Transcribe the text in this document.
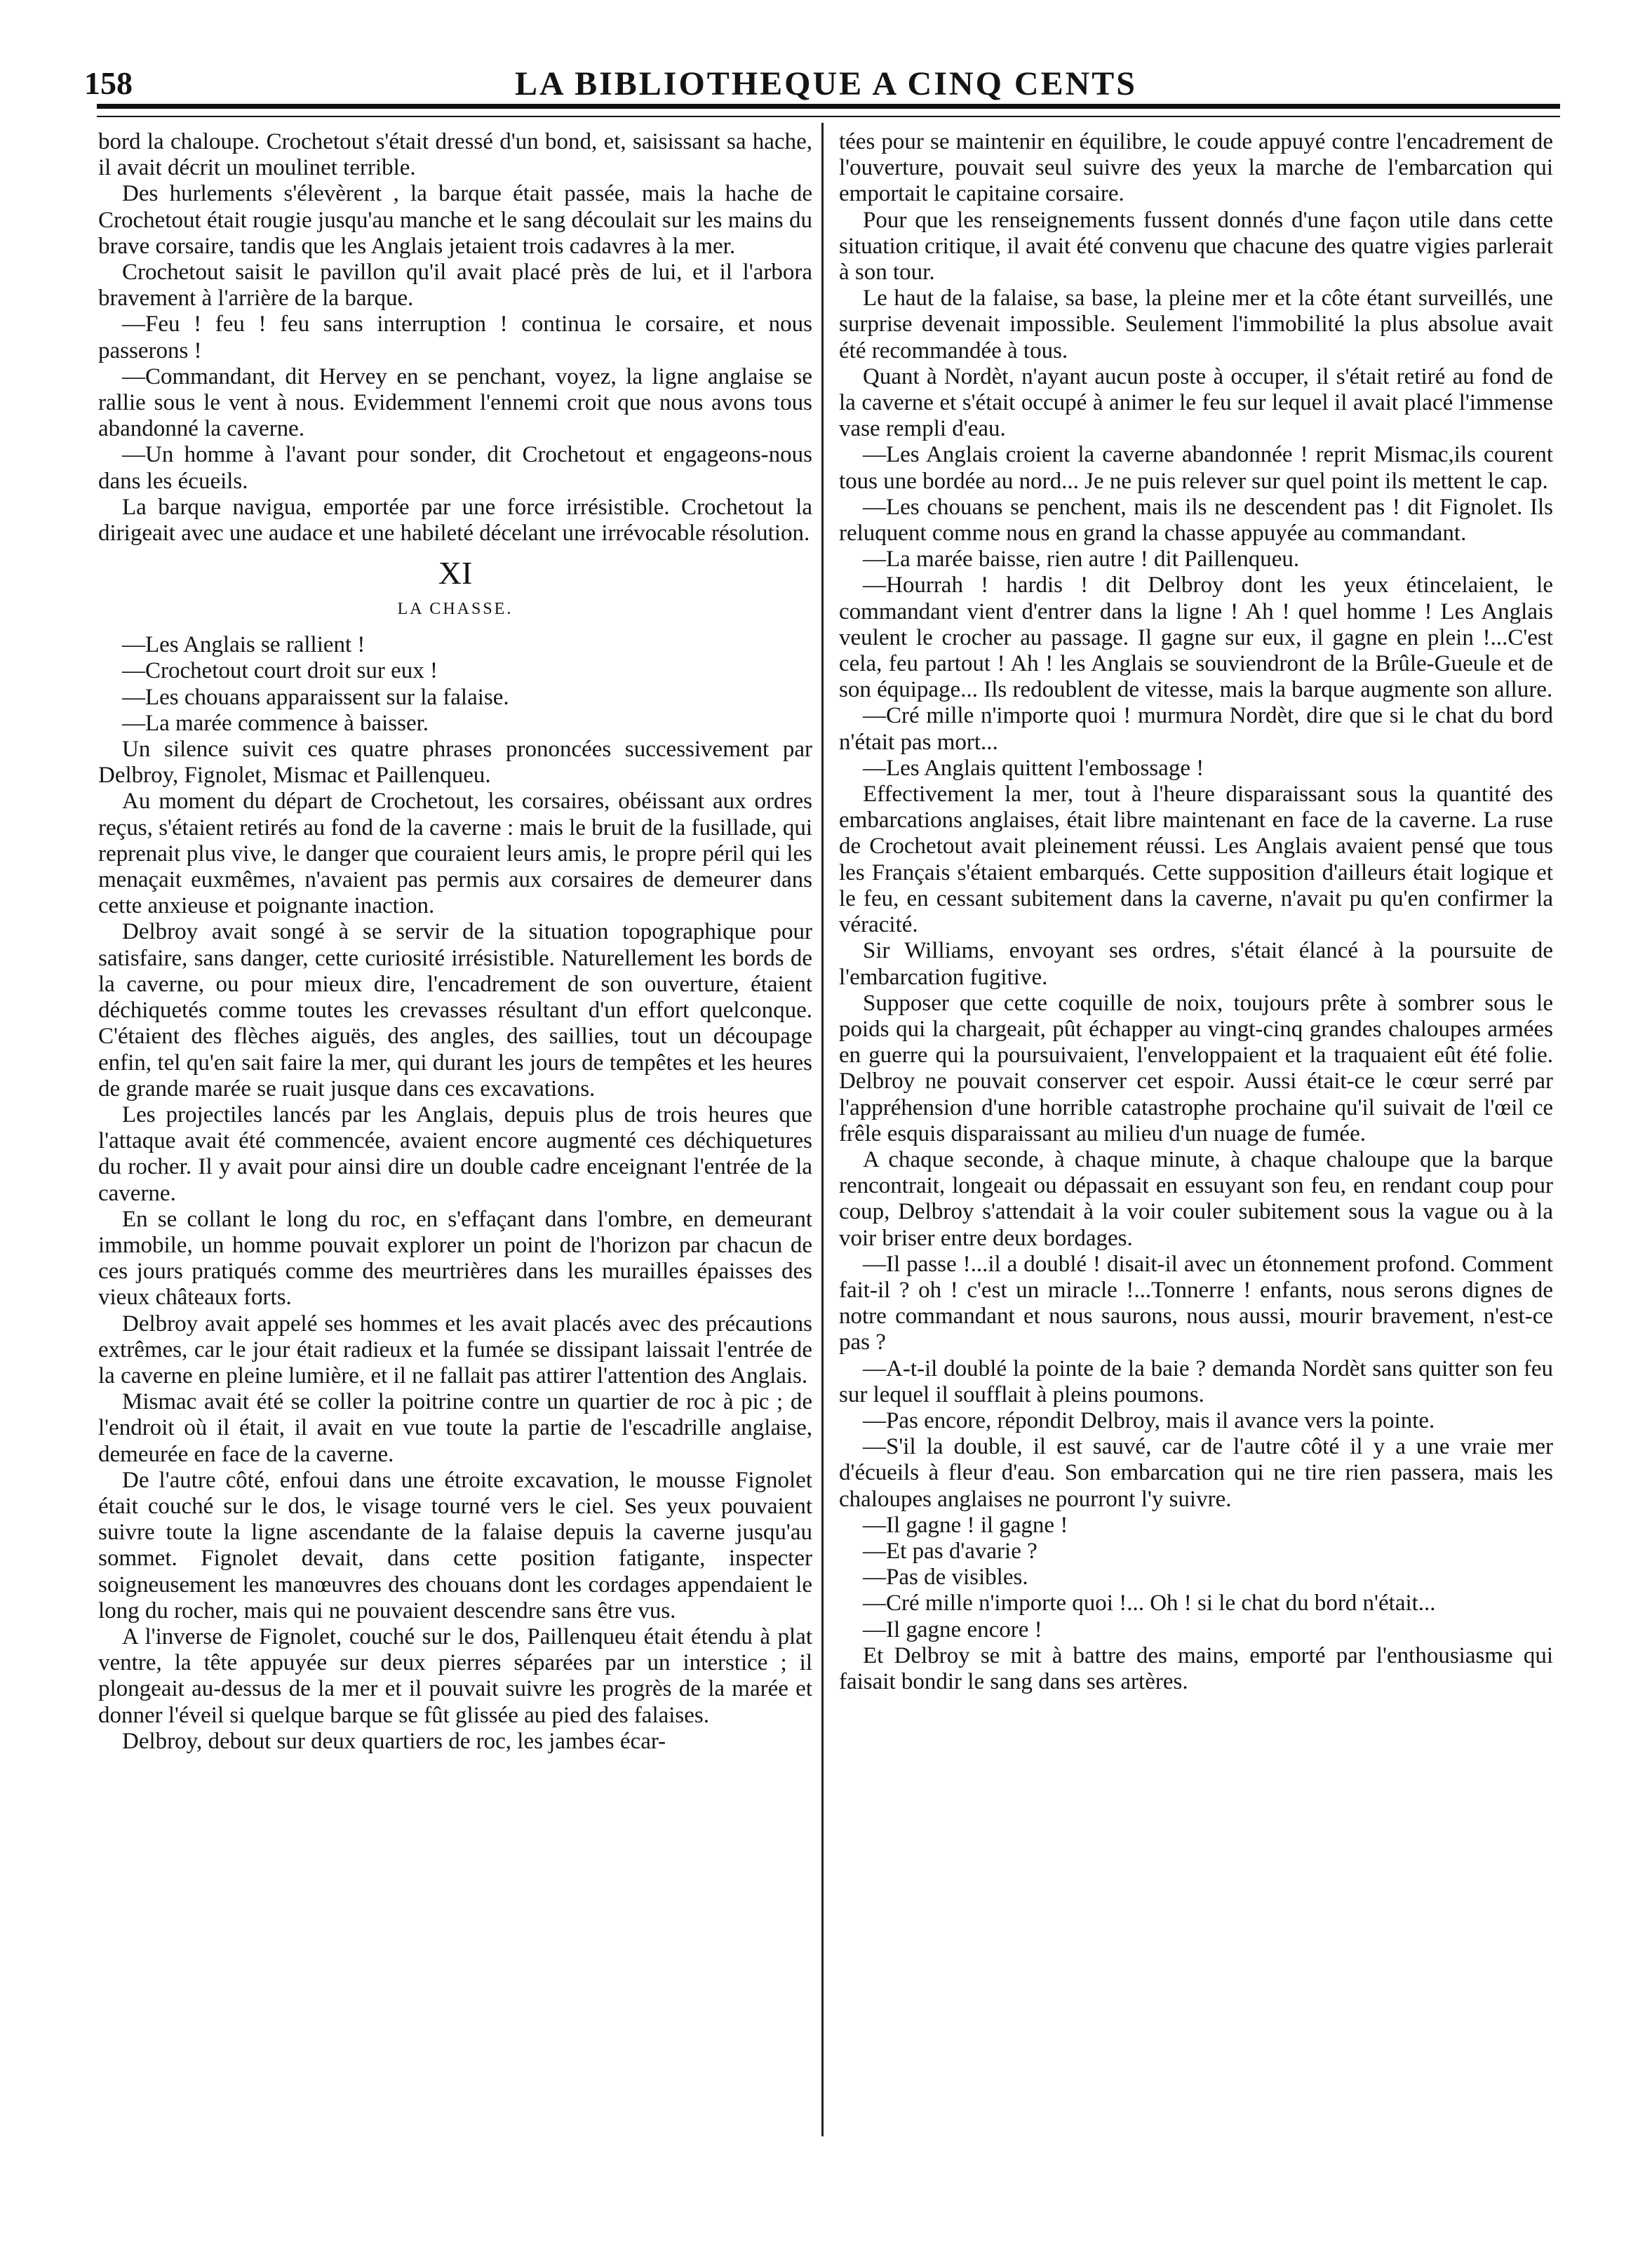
158	LA BIBLIOTHEQUE A CINQ CENTS

bord la chaloupe. Crochetout s'était dressé d'un bond, et, saisissant sa hache, il avait décrit un moulinet terrible.

Des hurlements s'élevèrent , la barque était passée, mais la hache de Crochetout était rougie jusqu'au manche et le sang découlait sur les mains du brave corsaire, tandis que les Anglais jetaient trois cadavres à la mer.

Crochetout saisit le pavillon qu'il avait placé près de lui, et il l'arbora bravement à l'arrière de la barque.

—Feu ! feu ! feu sans interruption ! continua le corsaire, et nous passerons !

—Commandant, dit Hervey en se penchant, voyez, la ligne anglaise se rallie sous le vent à nous. Evidemment l'ennemi croit que nous avons tous abandonné la caverne.

—Un homme à l'avant pour sonder, dit Crochetout et engageons-nous dans les écueils.

La barque navigua, emportée par une force irrésistible. Crochetout la dirigeait avec une audace et une habileté décelant une irrévocable résolution.

XI
LA CHASSE.

—Les Anglais se rallient !

—Crochetout court droit sur eux !

—Les chouans apparaissent sur la falaise.

—La marée commence à baisser.

Un silence suivit ces quatre phrases prononcées successivement par Delbroy, Fignolet, Mismac et Paillenqueu.

Au moment du départ de Crochetout, les corsaires, obéissant aux ordres reçus, s'étaient retirés au fond de la caverne : mais le bruit de la fusillade, qui reprenait plus vive, le danger que couraient leurs amis, le propre péril qui les menaçait euxmêmes, n'avaient pas permis aux corsaires de demeurer dans cette anxieuse et poignante inaction.

Delbroy avait songé à se servir de la situation topographique pour satisfaire, sans danger, cette curiosité irrésistible. Naturellement les bords de la caverne, ou pour mieux dire, l'encadrement de son ouverture, étaient déchiquetés comme toutes les crevasses résultant d'un effort quelconque. C'étaient des flèches aiguës, des angles, des saillies, tout un découpage enfin, tel qu'en sait faire la mer, qui durant les jours de tempêtes et les heures de grande marée se ruait jusque dans ces excavations.

Les projectiles lancés par les Anglais, depuis plus de trois heures que l'attaque avait été commencée, avaient encore augmenté ces déchiquetures du rocher. Il y avait pour ainsi dire un double cadre enceignant l'entrée de la caverne.

En se collant le long du roc, en s'effaçant dans l'ombre, en demeurant immobile, un homme pouvait explorer un point de l'horizon par chacun de ces jours pratiqués comme des meurtrières dans les murailles épaisses des vieux châteaux forts.

Delbroy avait appelé ses hommes et les avait placés avec des précautions extrêmes, car le jour était radieux et la fumée se dissipant laissait l'entrée de la caverne en pleine lumière, et il ne fallait pas attirer l'attention des Anglais.

Mismac avait été se coller la poitrine contre un quartier de roc à pic ; de l'endroit où il était, il avait en vue toute la partie de l'escadrille anglaise, demeurée en face de la caverne.

De l'autre côté, enfoui dans une étroite excavation, le mousse Fignolet était couché sur le dos, le visage tourné vers le ciel. Ses yeux pouvaient suivre toute la ligne ascendante de la falaise depuis la caverne jusqu'au sommet. Fignolet devait, dans cette position fatigante, inspecter soigneusement les manœuvres des chouans dont les cordages appendaient le long du rocher, mais qui ne pouvaient descendre sans être vus.

A l'inverse de Fignolet, couché sur le dos, Paillenqueu était étendu à plat ventre, la tête appuyée sur deux pierres séparées par un interstice ; il plongeait au-dessus de la mer et il pouvait suivre les progrès de la marée et donner l'éveil si quelque barque se fût glissée au pied des falaises.

Delbroy, debout sur deux quartiers de roc, les jambes écar-

tées pour se maintenir en équilibre, le coude appuyé contre l'encadrement de l'ouverture, pouvait seul suivre des yeux la marche de l'embarcation qui emportait le capitaine corsaire.

Pour que les renseignements fussent donnés d'une façon utile dans cette situation critique, il avait été convenu que chacune des quatre vigies parlerait à son tour.

Le haut de la falaise, sa base, la pleine mer et la côte étant surveillés, une surprise devenait impossible. Seulement l'immobilité la plus absolue avait été recommandée à tous.

Quant à Nordèt, n'ayant aucun poste à occuper, il s'était retiré au fond de la caverne et s'était occupé à animer le feu sur lequel il avait placé l'immense vase rempli d'eau.

—Les Anglais croient la caverne abandonnée ! reprit Mismac,ils courent tous une bordée au nord... Je ne puis relever sur quel point ils mettent le cap.

—Les chouans se penchent, mais ils ne descendent pas ! dit Fignolet. Ils reluquent comme nous en grand la chasse appuyée au commandant.

—La marée baisse, rien autre ! dit Paillenqueu.

—Hourrah ! hardis ! dit Delbroy dont les yeux étincelaient, le commandant vient d'entrer dans la ligne ! Ah ! quel homme ! Les Anglais veulent le crocher au passage. Il gagne sur eux, il gagne en plein !...C'est cela, feu partout ! Ah ! les Anglais se souviendront de la Brûle-Gueule et de son équipage... Ils redoublent de vitesse, mais la barque augmente son allure.

—Cré mille n'importe quoi ! murmura Nordèt, dire que si le chat du bord n'était pas mort...

—Les Anglais quittent l'embossage !

Effectivement la mer, tout à l'heure disparaissant sous la quantité des embarcations anglaises, était libre maintenant en face de la caverne. La ruse de Crochetout avait pleinement réussi. Les Anglais avaient pensé que tous les Français s'étaient embarqués. Cette supposition d'ailleurs était logique et le feu, en cessant subitement dans la caverne, n'avait pu qu'en confirmer la véracité.

Sir Williams, envoyant ses ordres, s'était élancé à la poursuite de l'embarcation fugitive.

Supposer que cette coquille de noix, toujours prête à sombrer sous le poids qui la chargeait, pût échapper au vingt-cinq grandes chaloupes armées en guerre qui la poursuivaient, l'enveloppaient et la traquaient eût été folie. Delbroy ne pouvait conserver cet espoir. Aussi était-ce le cœur serré par l'appréhension d'une horrible catastrophe prochaine qu'il suivait de l'œil ce frêle esquis disparaissant au milieu d'un nuage de fumée.

A chaque seconde, à chaque minute, à chaque chaloupe que la barque rencontrait, longeait ou dépassait en essuyant son feu, en rendant coup pour coup, Delbroy s'attendait à la voir couler subitement sous la vague ou à la voir briser entre deux bordages.

—Il passe !...il a doublé ! disait-il avec un étonnement profond. Comment fait-il ? oh ! c'est un miracle !...Tonnerre ! enfants, nous serons dignes de notre commandant et nous saurons, nous aussi, mourir bravement, n'est-ce pas ?

—A-t-il doublé la pointe de la baie ? demanda Nordèt sans quitter son feu sur lequel il soufflait à pleins poumons.

—Pas encore, répondit Delbroy, mais il avance vers la pointe.

—S'il la double, il est sauvé, car de l'autre côté il y a une vraie mer d'écueils à fleur d'eau. Son embarcation qui ne tire rien passera, mais les chaloupes anglaises ne pourront l'y suivre.

—Il gagne ! il gagne !

—Et pas d'avarie ?

—Pas de visibles.

—Cré mille n'importe quoi !... Oh ! si le chat du bord n'était...

—Il gagne encore !

Et Delbroy se mit à battre des mains, emporté par l'enthousiasme qui faisait bondir le sang dans ses artères.
